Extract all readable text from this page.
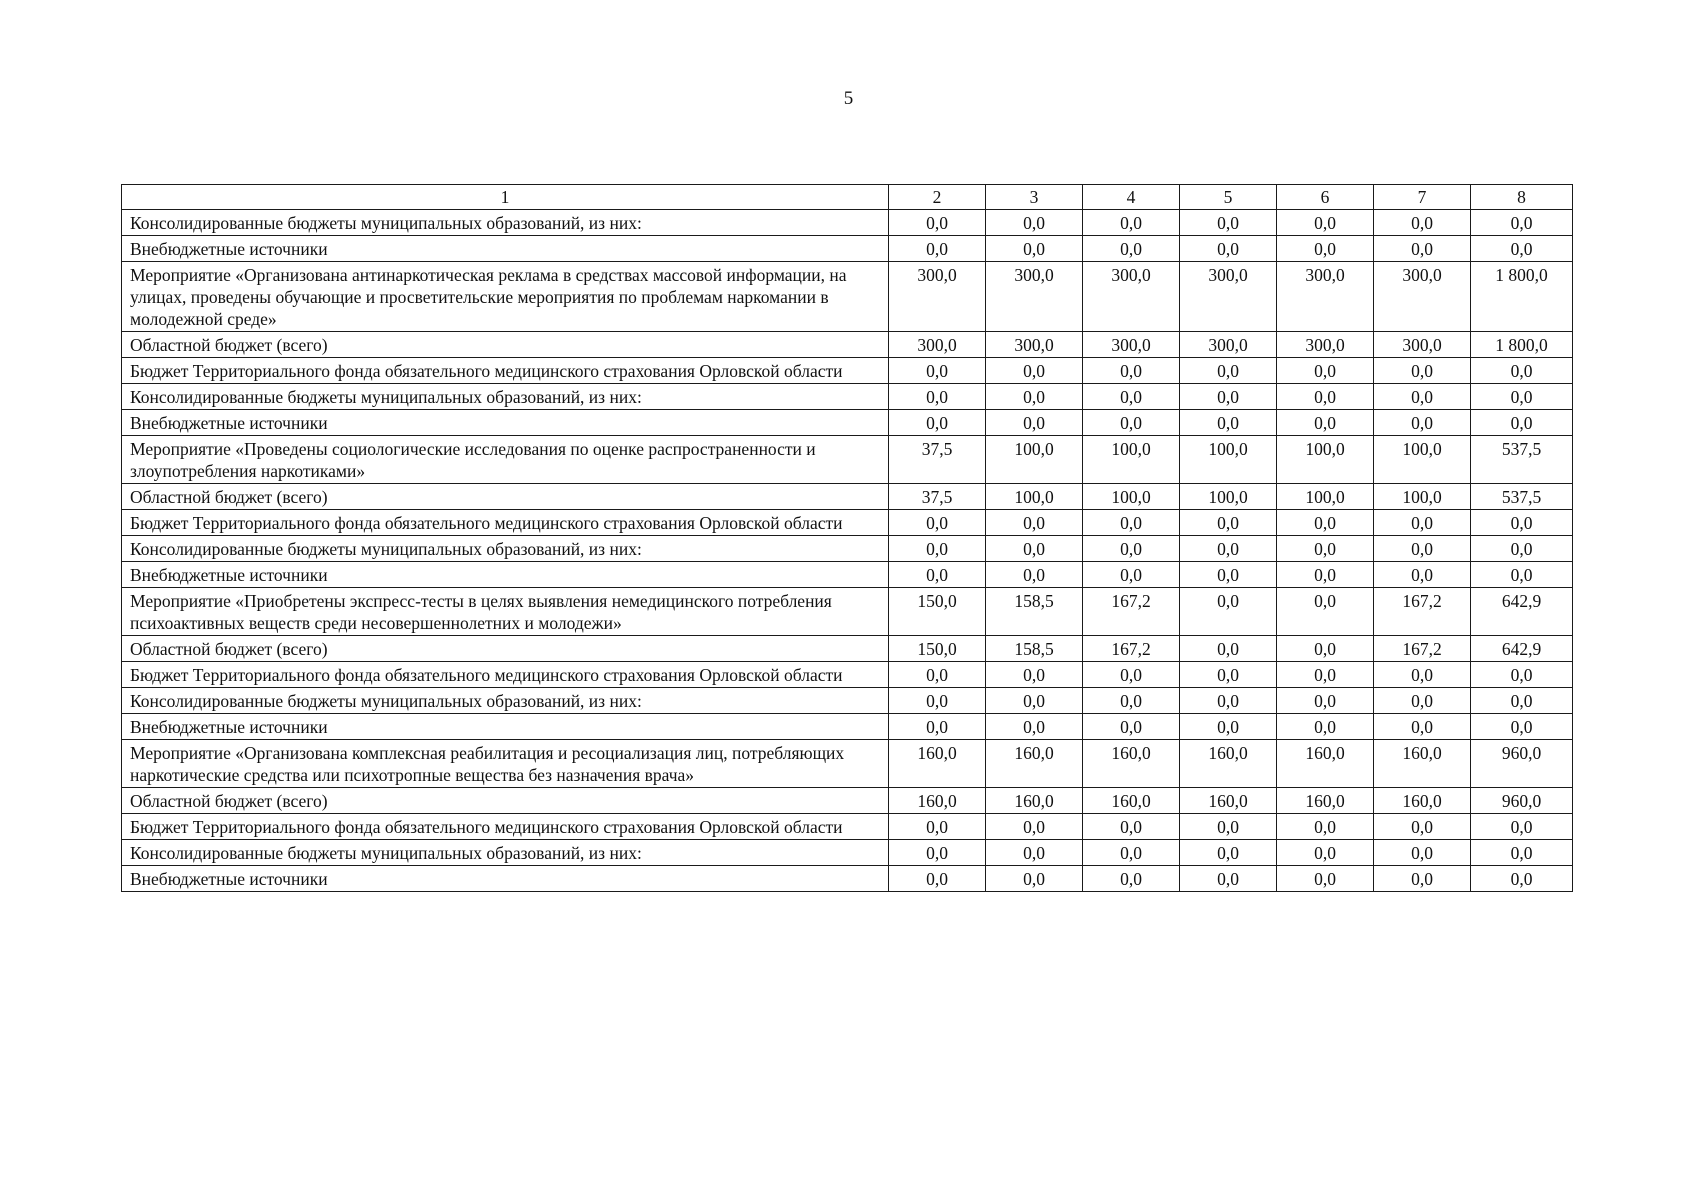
5
1	2	3	4	5	6	7	8
Консолидированные бюджеты муниципальных образований, из них:	0,0	0,0	0,0	0,0	0,0	0,0	0,0
Внебюджетные источники	0,0	0,0	0,0	0,0	0,0	0,0	0,0
Мероприятие «Организована антинаркотическая реклама в средствах массовой информации, на улицах, проведены обучающие и просветительские мероприятия по проблемам наркомании в молодежной среде»	300,0	300,0	300,0	300,0	300,0	300,0	1 800,0
Областной бюджет (всего)	300,0	300,0	300,0	300,0	300,0	300,0	1 800,0
Бюджет Территориального фонда обязательного медицинского страхования Орловской области	0,0	0,0	0,0	0,0	0,0	0,0	0,0
Консолидированные бюджеты муниципальных образований, из них:	0,0	0,0	0,0	0,0	0,0	0,0	0,0
Внебюджетные источники	0,0	0,0	0,0	0,0	0,0	0,0	0,0
Мероприятие «Проведены социологические исследования по оценке распространенности и злоупотребления наркотиками»	37,5	100,0	100,0	100,0	100,0	100,0	537,5
Областной бюджет (всего)	37,5	100,0	100,0	100,0	100,0	100,0	537,5
Бюджет Территориального фонда обязательного медицинского страхования Орловской области	0,0	0,0	0,0	0,0	0,0	0,0	0,0
Консолидированные бюджеты муниципальных образований, из них:	0,0	0,0	0,0	0,0	0,0	0,0	0,0
Внебюджетные источники	0,0	0,0	0,0	0,0	0,0	0,0	0,0
Мероприятие «Приобретены экспресс-тесты в целях выявления немедицинского потребления психоактивных веществ среди несовершеннолетних и молодежи»	150,0	158,5	167,2	0,0	0,0	167,2	642,9
Областной бюджет (всего)	150,0	158,5	167,2	0,0	0,0	167,2	642,9
Бюджет Территориального фонда обязательного медицинского страхования Орловской области	0,0	0,0	0,0	0,0	0,0	0,0	0,0
Консолидированные бюджеты муниципальных образований, из них:	0,0	0,0	0,0	0,0	0,0	0,0	0,0
Внебюджетные источники	0,0	0,0	0,0	0,0	0,0	0,0	0,0
Мероприятие «Организована комплексная реабилитация и ресоциализация лиц, потребляющих наркотические средства или психотропные вещества без назначения врача»	160,0	160,0	160,0	160,0	160,0	160,0	960,0
Областной бюджет (всего)	160,0	160,0	160,0	160,0	160,0	160,0	960,0
Бюджет Территориального фонда обязательного медицинского страхования Орловской области	0,0	0,0	0,0	0,0	0,0	0,0	0,0
Консолидированные бюджеты муниципальных образований, из них:	0,0	0,0	0,0	0,0	0,0	0,0	0,0
Внебюджетные источники	0,0	0,0	0,0	0,0	0,0	0,0	0,0
